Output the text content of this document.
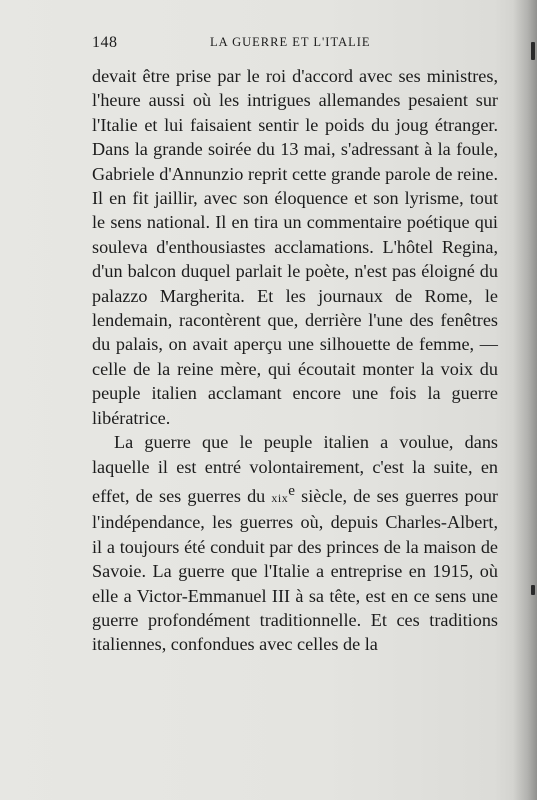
148	LA GUERRE ET L'ITALIE

devait être prise par le roi d'accord avec ses ministres, l'heure aussi où les intrigues allemandes pesaient sur l'Italie et lui faisaient sentir le poids du joug étranger. Dans la grande soirée du 13 mai, s'adressant à la foule, Gabriele d'Annunzio reprit cette grande parole de reine. Il en fit jaillir, avec son éloquence et son lyrisme, tout le sens national. Il en tira un commentaire poétique qui souleva d'enthousiastes acclamations. L'hôtel Regina, d'un balcon duquel parlait le poète, n'est pas éloigné du palazzo Margherita. Et les journaux de Rome, le lendemain, racontèrent que, derrière l'une des fenêtres du palais, on avait aperçu une silhouette de femme, — celle de la reine mère, qui écoutait monter la voix du peuple italien acclamant encore une fois la guerre libératrice.

La guerre que le peuple italien a voulue, dans laquelle il est entré volontairement, c'est la suite, en effet, de ses guerres du xix$^e$ siècle, de ses guerres pour l'indépendance, les guerres où, depuis Charles-Albert, il a toujours été conduit par des princes de la maison de Savoie. La guerre que l'Italie a entreprise en 1915, où elle a Victor-Emmanuel III à sa tête, est en ce sens une guerre profondément traditionnelle. Et ces traditions italiennes, confondues avec celles de la
